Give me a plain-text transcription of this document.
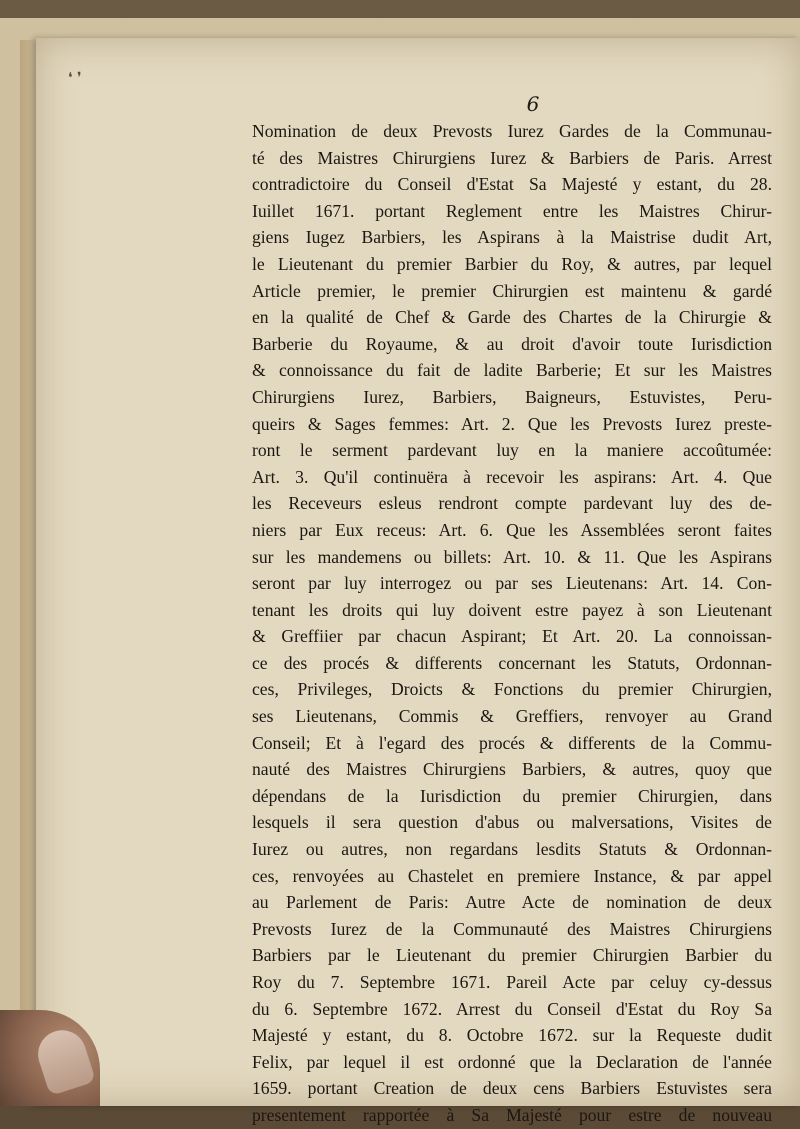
❛ ❜
6
Nomination de deux Prevosts Iurez Gardes de la Communau-
té des Maistres Chirurgiens Iurez & Barbiers de Paris. Arrest
contradictoire du Conseil d'Estat Sa Majesté y estant, du 28.
Iuillet 1671. portant Reglement entre les Maistres Chirur-
giens Iugez Barbiers, les Aspirans à la Maistrise dudit Art,
le Lieutenant du premier Barbier du Roy, & autres, par lequel
Article premier, le premier Chirurgien est maintenu & gardé
en la qualité de Chef & Garde des Chartes de la Chirurgie &
Barberie du Royaume, & au droit d'avoir toute Iurisdiction
& connoissance du fait de ladite Barberie; Et sur les Maistres
Chirurgiens Iurez, Barbiers, Baigneurs, Estuvistes, Peru-
queirs & Sages femmes: Art. 2. Que les Prevosts Iurez preste-
ront le serment pardevant luy en la maniere accoûtumée:
Art. 3. Qu'il continuëra à recevoir les aspirans: Art. 4. Que
les Receveurs esleus rendront compte pardevant luy des de-
niers par Eux receus: Art. 6. Que les Assemblées seront faites
sur les mandemens ou billets: Art. 10. & 11. Que les Aspirans
seront par luy interrogez ou par ses Lieutenans: Art. 14. Con-
tenant les droits qui luy doivent estre payez à son Lieutenant
& Greffiier par chacun Aspirant; Et Art. 20. La connoissan-
ce des procés & differents concernant les Statuts, Ordonnan-
ces, Privileges, Droicts & Fonctions du premier Chirurgien,
ses Lieutenans, Commis & Greffiers, renvoyer au Grand
Conseil; Et à l'egard des procés & differents de la Commu-
nauté des Maistres Chirurgiens Barbiers, & autres, quoy que
dépendans de la Iurisdiction du premier Chirurgien, dans
lesquels il sera question d'abus ou malversations, Visites de
Iurez ou autres, non regardans lesdits Statuts & Ordonnan-
ces, renvoyées au Chastelet en premiere Instance, & par appel
au Parlement de Paris: Autre Acte de nomination de deux
Prevosts Iurez de la Communauté des Maistres Chirurgiens
Barbiers par le Lieutenant du premier Chirurgien Barbier du
Roy du 7. Septembre 1671. Pareil Acte par celuy cy-dessus
du 6. Septembre 1672. Arrest du Conseil d'Estat du Roy Sa
Majesté y estant, du 8. Octobre 1672. sur la Requeste dudit
Felix, par lequel il est ordonné que la Declaration de l'année
1659. portant Creation de deux cens Barbiers Estuvistes sera
presentement rapportée à Sa Majesté pour estre de nouveau
